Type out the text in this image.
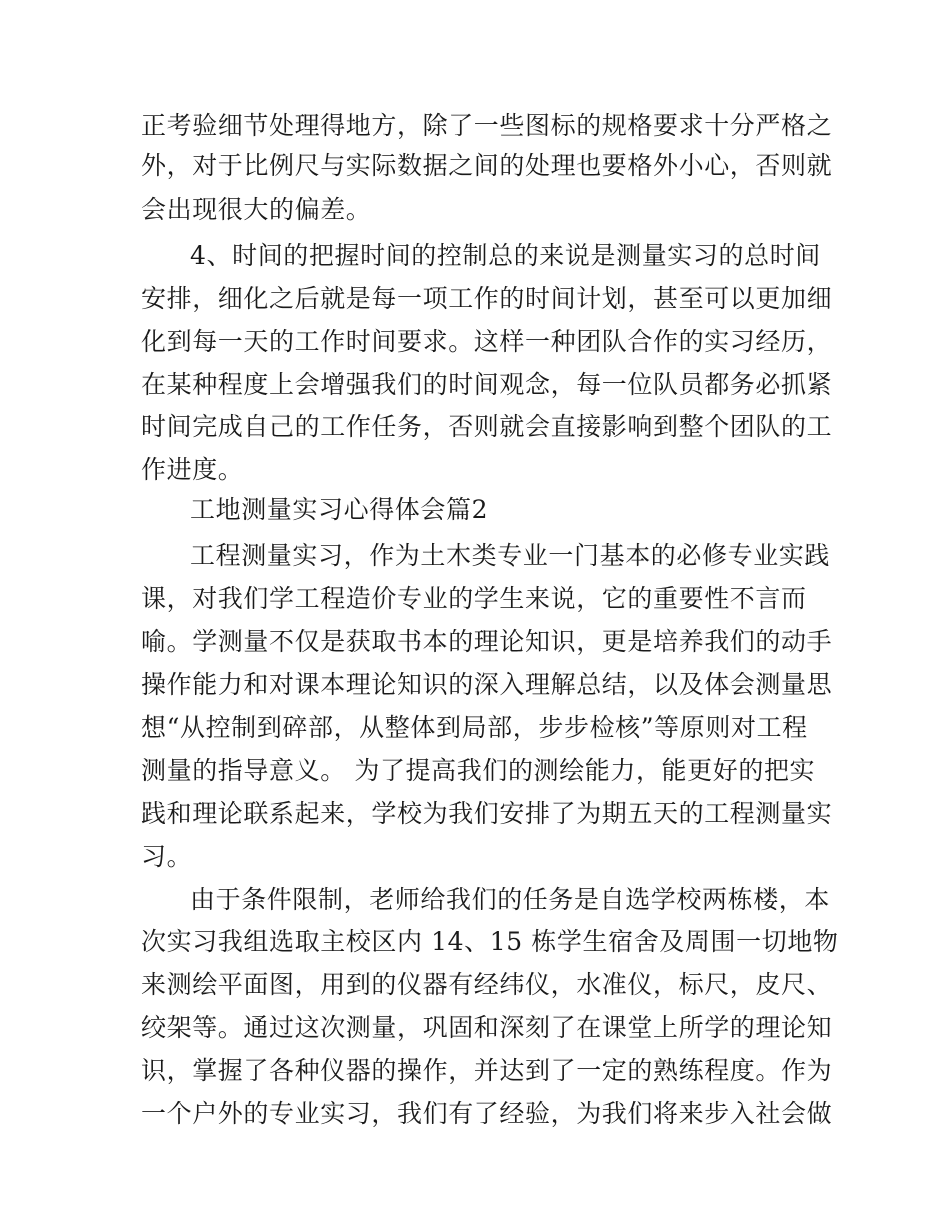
正考验细节处理得地方，除了一些图标的规格要求十分严格之
外，对于比例尺与实际数据之间的处理也要格外小心，否则就
会出现很大的偏差。
4、时间的把握时间的控制总的来说是测量实习的总时间
安排，细化之后就是每一项工作的时间计划，甚至可以更加细
化到每一天的工作时间要求。这样一种团队合作的实习经历，
在某种程度上会增强我们的时间观念，每一位队员都务必抓紧
时间完成自己的工作任务，否则就会直接影响到整个团队的工
作进度。
工地测量实习心得体会篇2
工程测量实习，作为土木类专业一门基本的必修专业实践
课，对我们学工程造价专业的学生来说，它的重要性不言而
喻。学测量不仅是获取书本的理论知识，更是培养我们的动手
操作能力和对课本理论知识的深入理解总结，以及体会测量思
想“从控制到碎部，从整体到局部，步步检核”等原则对工程
测量的指导意义。 为了提高我们的测绘能力，能更好的把实
践和理论联系起来，学校为我们安排了为期五天的工程测量实
习。
由于条件限制，老师给我们的任务是自选学校两栋楼，本
次实习我组选取主校区内 14、15 栋学生宿舍及周围一切地物
来测绘平面图，用到的仪器有经纬仪，水准仪，标尺，皮尺、
绞架等。通过这次测量，巩固和深刻了在课堂上所学的理论知
识，掌握了各种仪器的操作，并达到了一定的熟练程度。作为
一个户外的专业实习，我们有了经验，为我们将来步入社会做
